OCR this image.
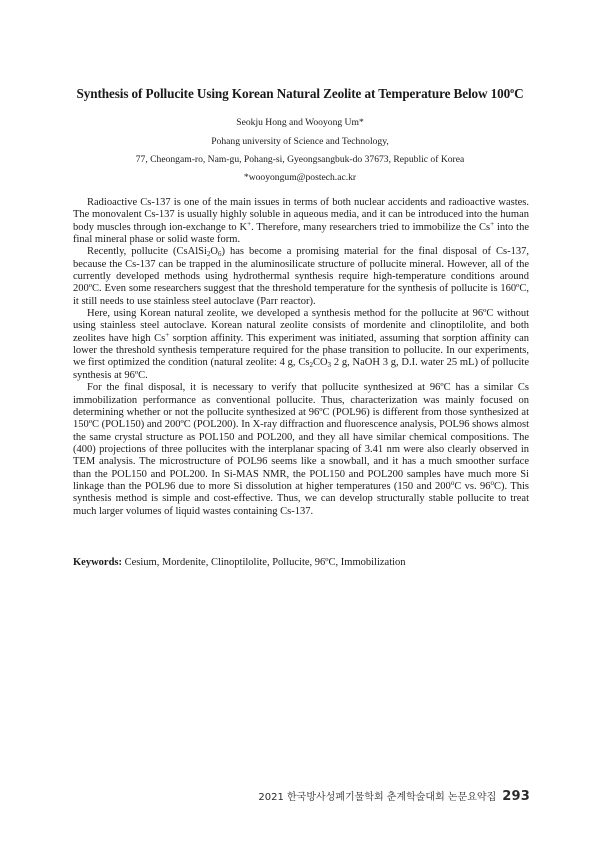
Synthesis of Pollucite Using Korean Natural Zeolite at Temperature Below 100$^o$C
Seokju Hong and Wooyong Um*
Pohang university of Science and Technology,
77, Cheongam-ro, Nam-gu, Pohang-si, Gyeongsangbuk-do 37673, Republic of Korea
*wooyongum@postech.ac.kr

Radioactive Cs-137 is one of the main issues in terms of both nuclear accidents and radioactive wastes. The monovalent Cs-137 is usually highly soluble in aqueous media, and it can be introduced into the human body muscles through ion-exchange to K+. Therefore, many researchers tried to immobilize the Cs+ into the final mineral phase or solid waste form.

Recently, pollucite $(CsAlSi_2O_6)$ has become a promising material for the final disposal of Cs-137, because the Cs-137 can be trapped in the aluminosilicate structure of pollucite mineral. However, all of the currently developed methods using hydrothermal synthesis require high-temperature conditions around 200ºC. Even some researchers suggest that the threshold temperature for the synthesis of pollucite is 160ºC, it still needs to use stainless steel autoclave (Parr reactor).

Here, using Korean natural zeolite, we developed a synthesis method for the pollucite at 96ºC without using stainless steel autoclave. Korean natural zeolite consists of mordenite and clinoptilolite, and both zeolites have high Cs+ sorption affinity. This experiment was initiated, assuming that sorption affinity can lower the threshold synthesis temperature required for the phase transition to pollucite. In our experiments, we first optimized the condition (natural zeolite: 4 g, $Cs_2CO_3$ 2 g, NaOH 3 g, D.I. water 25 mL) of pollucite synthesis at 96ºC.

For the final disposal, it is necessary to verify that pollucite synthesized at 96ºC has a similar Cs immobilization performance as conventional pollucite. Thus, characterization was mainly focused on determining whether or not the pollucite synthesized at 96ºC (POL96) is different from those synthesized at 150ºC (POL150) and 200ºC (POL200). In X-ray diffraction and fluorescence analysis, POL96 shows almost the same crystal structure as POL150 and POL200, and they all have similar chemical compositions. The (400) projections of three pollucites with the interplanar spacing of 3.41 nm were also clearly observed in TEM analysis. The microstructure of POL96 seems like a snowball, and it has a much smoother surface than the POL150 and POL200. In Si-MAS NMR, the POL150 and POL200 samples have much more Si linkage than the POL96 due to more Si dissolution at higher temperatures (150 and 200$^o$C vs. 96$^o$C). This synthesis method is simple and cost-effective. Thus, we can develop structurally stable pollucite to treat much larger volumes of liquid wastes containing Cs-137.

Keywords: Cesium, Mordenite, Clinoptilolite, Pollucite, 96ºC, Immobilization
2021 한국방사성폐기물학회 춘계학술대회 논문요약집 293
